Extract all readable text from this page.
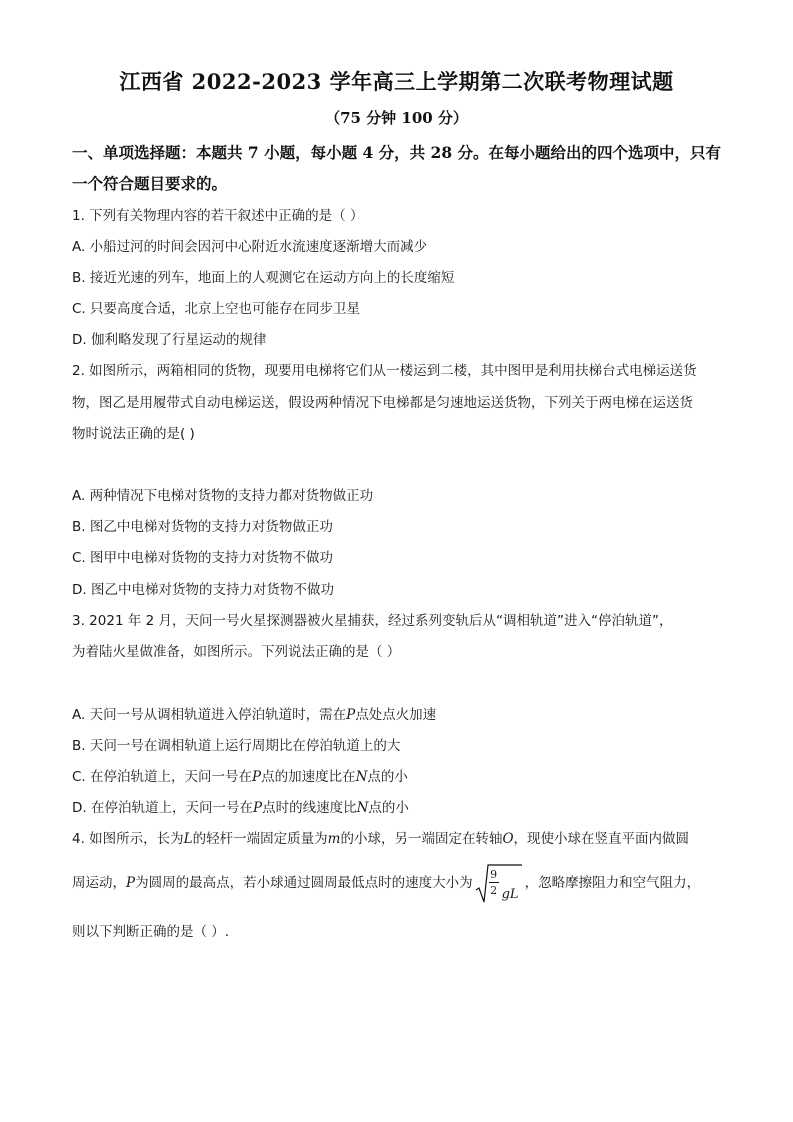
江西省 2022-2023 学年高三上学期第二次联考物理试题
（75 分钟 100 分）
一、单项选择题：本题共 7 小题，每小题 4 分，共 28 分。在每小题给出的四个选项中，只有
一个符合题目要求的。
1. 下列有关物理内容的若干叙述中正确的是（ ）
A. 小船过河的时间会因河中心附近水流速度逐渐增大而减少
B. 接近光速的列车，地面上的人观测它在运动方向上的长度缩短
C. 只要高度合适，北京上空也可能存在同步卫星
D. 伽利略发现了行星运动的规律
2. 如图所示，两箱相同的货物，现要用电梯将它们从一楼运到二楼，其中图甲是利用扶梯台式电梯运送货
物，图乙是用履带式自动电梯运送，假设两种情况下电梯都是匀速地运送货物，下列关于两电梯在运送货
物时说法正确的是( )
A. 两种情况下电梯对货物的支持力都对货物做正功
B. 图乙中电梯对货物的支持力对货物做正功
C. 图甲中电梯对货物的支持力对货物不做功
D. 图乙中电梯对货物的支持力对货物不做功
3. 2021 年 2 月，天问一号火星探测器被火星捕获，经过系列变轨后从“调相轨道”进入“停泊轨道”，
为着陆火星做准备，如图所示。下列说法正确的是（ ）
A. 天问一号从调相轨道进入停泊轨道时，需在P点处点火加速
B. 天问一号在调相轨道上运行周期比在停泊轨道上的大
C. 在停泊轨道上，天问一号在P点的加速度比在N点的小
D. 在停泊轨道上，天问一号在P点时的线速度比N点的小
4. 如图所示，长为L的轻杆一端固定质量为m的小球，另一端固定在转轴O，现使小球在竖直平面内做圆
周运动，P为圆周的最高点，若小球通过圆周最低点时的速度大小为
9
2 gL
，忽略摩擦阻力和空气阻力，
则以下判断正确的是（ ）.
